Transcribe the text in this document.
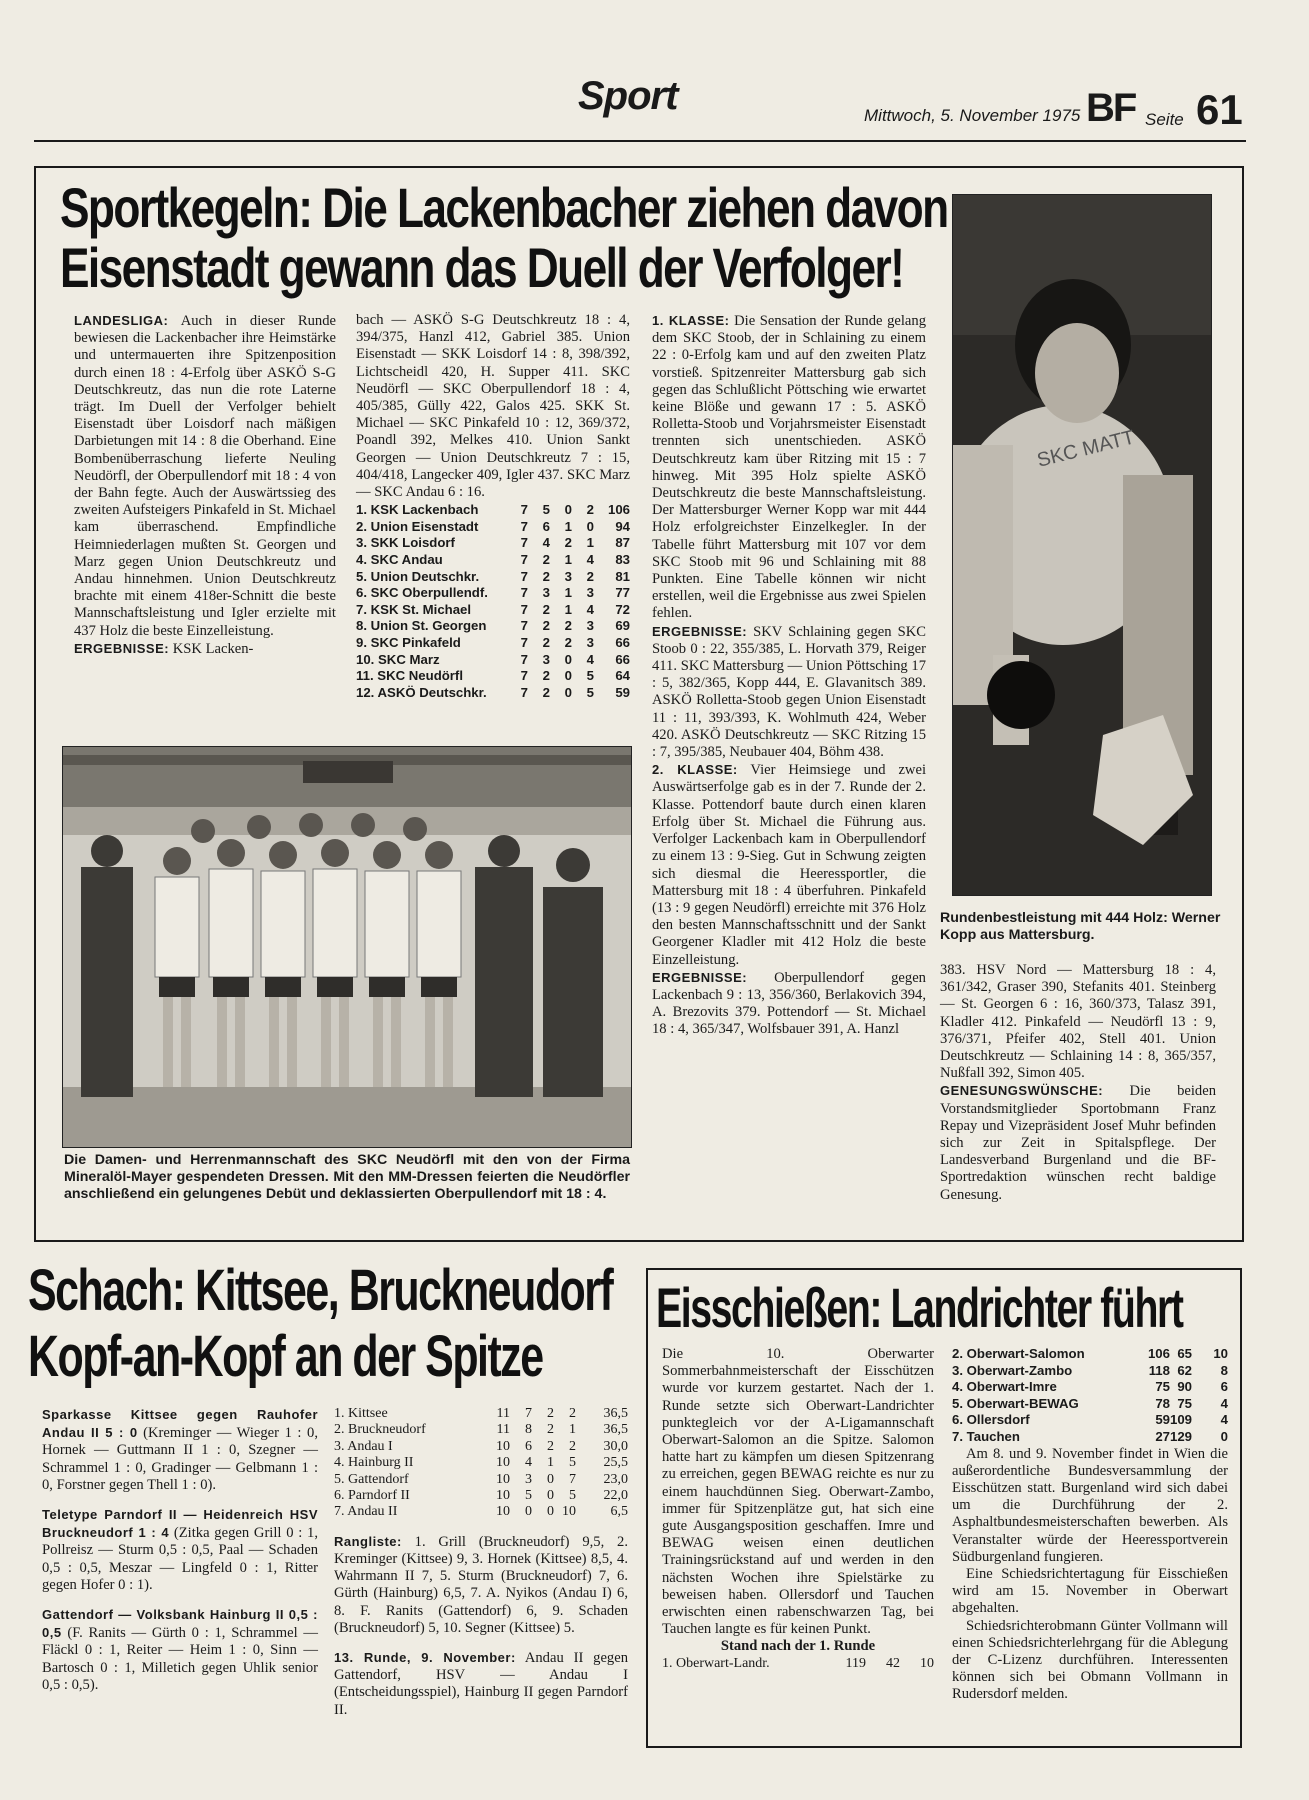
Sport	Mittwoch, 5. November 1975 BF Seite 61
Sportkegeln: Die Lackenbacher ziehen davon
Eisenstadt gewann das Duell der Verfolger!

LANDESLIGA: Auch in dieser Runde bewiesen die Lackenbacher ihre Heimstärke und untermauerten ihre Spitzenposition durch einen 18 : 4-Erfolg über ASKÖ S-G Deutschkreutz, das nun die rote Laterne trägt. Im Duell der Verfolger behielt Eisenstadt über Loisdorf nach mäßigen Darbietungen mit 14 : 8 die Oberhand. Eine Bombenüberraschung lieferte Neuling Neudörfl, der Oberpullendorf mit 18 : 4 von der Bahn fegte. Auch der Auswärtssieg des zweiten Aufsteigers Pinkafeld in St. Michael kam überraschend. Empfindliche Heimniederlagen mußten St. Georgen und Marz gegen Union Deutschkreutz und Andau hinnehmen. Union Deutschkreutz brachte mit einem 418er-Schnitt die beste Mannschaftsleistung und Igler erzielte mit 437 Holz die beste Einzelleistung.

ERGEBNISSE: KSK Lacken-

bach — ASKÖ S-G Deutschkreutz 18 : 4, 394/375, Hanzl 412, Gabriel 385. Union Eisenstadt — SKK Loisdorf 14 : 8, 398/392, Lichtscheidl 420, H. Supper 411. SKC Neudörfl — SKC Oberpullendorf 18 : 4, 405/385, Gülly 422, Galos 425. SKK St. Michael — SKC Pinkafeld 10 : 12, 369/372, Poandl 392, Melkes 410. Union Sankt Georgen — Union Deutschkreutz 7 : 15, 404/418, Langecker 409, Igler 437. SKC Marz — SKC Andau 6 : 16.
1. KSK Lackenbach	7	5	0	2	106
2. Union Eisenstadt	7	6	1	0	94
3. SKK Loisdorf	7	4	2	1	87
4. SKC Andau	7	2	1	4	83
5. Union Deutschkr.	7	2	3	2	81
6. SKC Oberpullendf.	7	3	1	3	77
7. KSK St. Michael	7	2	1	4	72
8. Union St. Georgen	7	2	2	3	69
9. SKC Pinkafeld	7	2	2	3	66
10. SKC Marz	7	3	0	4	66
11. SKC Neudörfl	7	2	0	5	64
12. ASKÖ Deutschkr.	7	2	0	5	59
Die Damen- und Herrenmannschaft des SKC Neudörfl mit den von der Firma Mineralöl-Mayer gespendeten Dressen. Mit den MM-Dressen feierten die Neudörfler anschließend ein gelungenes Debüt und deklassierten Oberpullendorf mit 18 : 4.

1. KLASSE: Die Sensation der Runde gelang dem SKC Stoob, der in Schlaining zu einem 22 : 0-Erfolg kam und auf den zweiten Platz vorstieß. Spitzenreiter Mattersburg gab sich gegen das Schlußlicht Pöttsching wie erwartet keine Blöße und gewann 17 : 5. ASKÖ Rolletta-Stoob und Vorjahrsmeister Eisenstadt trennten sich unentschieden. ASKÖ Deutschkreutz kam über Ritzing mit 15 : 7 hinweg. Mit 395 Holz spielte ASKÖ Deutschkreutz die beste Mannschaftsleistung. Der Mattersburger Werner Kopp war mit 444 Holz erfolgreichster Einzelkegler. In der Tabelle führt Mattersburg mit 107 vor dem SKC Stoob mit 96 und Schlaining mit 88 Punkten. Eine Tabelle können wir nicht erstellen, weil die Ergebnisse aus zwei Spielen fehlen.

ERGEBNISSE: SKV Schlaining gegen SKC Stoob 0 : 22, 355/385, L. Horvath 379, Reiger 411. SKC Mattersburg — Union Pöttsching 17 : 5, 382/365, Kopp 444, E. Glavanitsch 389. ASKÖ Rolletta-Stoob gegen Union Eisenstadt 11 : 11, 393/393, K. Wohlmuth 424, Weber 420. ASKÖ Deutschkreutz — SKC Ritzing 15 : 7, 395/385, Neubauer 404, Böhm 438.

2. KLASSE: Vier Heimsiege und zwei Auswärtserfolge gab es in der 7. Runde der 2. Klasse. Pottendorf baute durch einen klaren Erfolg über St. Michael die Führung aus. Verfolger Lackenbach kam in Oberpullendorf zu einem 13 : 9-Sieg. Gut in Schwung zeigten sich diesmal die Heeressportler, die Mattersburg mit 18 : 4 überfuhren. Pinkafeld (13 : 9 gegen Neudörfl) erreichte mit 376 Holz den besten Mannschaftsschnitt und der Sankt Georgener Kladler mit 412 Holz die beste Einzelleistung.

ERGEBNISSE: Oberpullendorf gegen Lackenbach 9 : 13, 356/360, Berlakovich 394, A. Brezovits 379. Pottendorf — St. Michael 18 : 4, 365/347, Wolfsbauer 391, A. Hanzl

SKC MATT
Rundenbestleistung mit 444 Holz: Werner Kopp aus Mattersburg.

383. HSV Nord — Mattersburg 18 : 4, 361/342, Graser 390, Stefanits 401. Steinberg — St. Georgen 6 : 16, 360/373, Talasz 391, Kladler 412. Pinkafeld — Neudörfl 13 : 9, 376/371, Pfeifer 402, Stell 401. Union Deutschkreutz — Schlaining 14 : 8, 365/357, Nußfall 392, Simon 405.

GENESUNGSWÜNSCHE: Die beiden Vorstandsmitglieder Sportobmann Franz Repay und Vizepräsident Josef Muhr befinden sich zur Zeit in Spitalspflege. Der Landesverband Burgenland und die BF-Sportredaktion wünschen recht baldige Genesung.

Schach: Kittsee, Bruckneudorf
Kopf-an-Kopf an der Spitze

Sparkasse Kittsee gegen Rauhofer Andau II 5 : 0 (Kreminger — Wieger 1 : 0, Hornek — Guttmann II 1 : 0, Szegner — Schrammel 1 : 0, Gradinger — Gelbmann 1 : 0, Forstner gegen Thell 1 : 0).

Teletype Parndorf II — Heidenreich HSV Bruckneudorf 1 : 4 (Zitka gegen Grill 0 : 1, Pollreisz — Sturm 0,5 : 0,5, Paal — Schaden 0,5 : 0,5, Meszar — Lingfeld 0 : 1, Ritter gegen Hofer 0 : 1).

Gattendorf — Volksbank Hainburg II 0,5 : 0,5 (F. Ranits — Gürth 0 : 1, Schrammel — Fläckl 0 : 1, Reiter — Heim 1 : 0, Sinn — Bartosch 0 : 1, Milletich gegen Uhlik senior 0,5 : 0,5).

1. Kittsee	11	7	2	2	36,5
2. Bruckneudorf	11	8	2	1	36,5
3. Andau I	10	6	2	2	30,0
4. Hainburg II	10	4	1	5	25,5
5. Gattendorf	10	3	0	7	23,0
6. Parndorf II	10	5	0	5	22,0
7. Andau II	10	0	0	10	6,5

Rangliste: 1. Grill (Bruckneudorf) 9,5, 2. Kreminger (Kittsee) 9, 3. Hornek (Kittsee) 8,5, 4. Wahrmann II 7, 5. Sturm (Bruckneudorf) 7, 6. Gürth (Hainburg) 6,5, 7. A. Nyikos (Andau I) 6, 8. F. Ranits (Gattendorf) 6, 9. Schaden (Bruckneudorf) 5, 10. Segner (Kittsee) 5.

13. Runde, 9. November: Andau II gegen Gattendorf, HSV — Andau I (Entscheidungsspiel), Hainburg II gegen Parndorf II.

Eisschießen: Landrichter führt

Die 10. Oberwarter Sommerbahnmeisterschaft der Eisschützen wurde vor kurzem gestartet. Nach der 1. Runde setzte sich Oberwart-Landrichter punktegleich vor der A-Ligamannschaft Oberwart-Salomon an die Spitze. Salomon hatte hart zu kämpfen um diesen Spitzenrang zu erreichen, gegen BEWAG reichte es nur zu einem hauchdünnen Sieg. Oberwart-Zambo, immer für Spitzenplätze gut, hat sich eine gute Ausgangsposition geschaffen. Imre und BEWAG weisen einen deutlichen Trainingsrückstand auf und werden in den nächsten Wochen ihre Spielstärke zu beweisen haben. Ollersdorf und Tauchen erwischten einen rabenschwarzen Tag, bei Tauchen langte es für keinen Punkt.

Stand nach der 1. Runde

1. Oberwart-Landr.	119	42	10
2. Oberwart-Salomon	106	65	10
3. Oberwart-Zambo	118	62	8
4. Oberwart-Imre	75	90	6
5. Oberwart-BEWAG	78	75	4
6. Ollersdorf	59	109	4
7. Tauchen	27	129	0

Am 8. und 9. November findet in Wien die außerordentliche Bundesversammlung der Eisschützen statt. Burgenland wird sich dabei um die Durchführung der 2. Asphaltbundesmeisterschaften bewerben. Als Veranstalter würde der Heeressportverein Südburgenland fungieren.

Eine Schiedsrichtertagung für Eisschießen wird am 15. November in Oberwart abgehalten.

Schiedsrichterobmann Günter Vollmann will einen Schiedsrichterlehrgang für die Ablegung der C-Lizenz durchführen. Interessenten können sich bei Obmann Vollmann in Rudersdorf melden.
